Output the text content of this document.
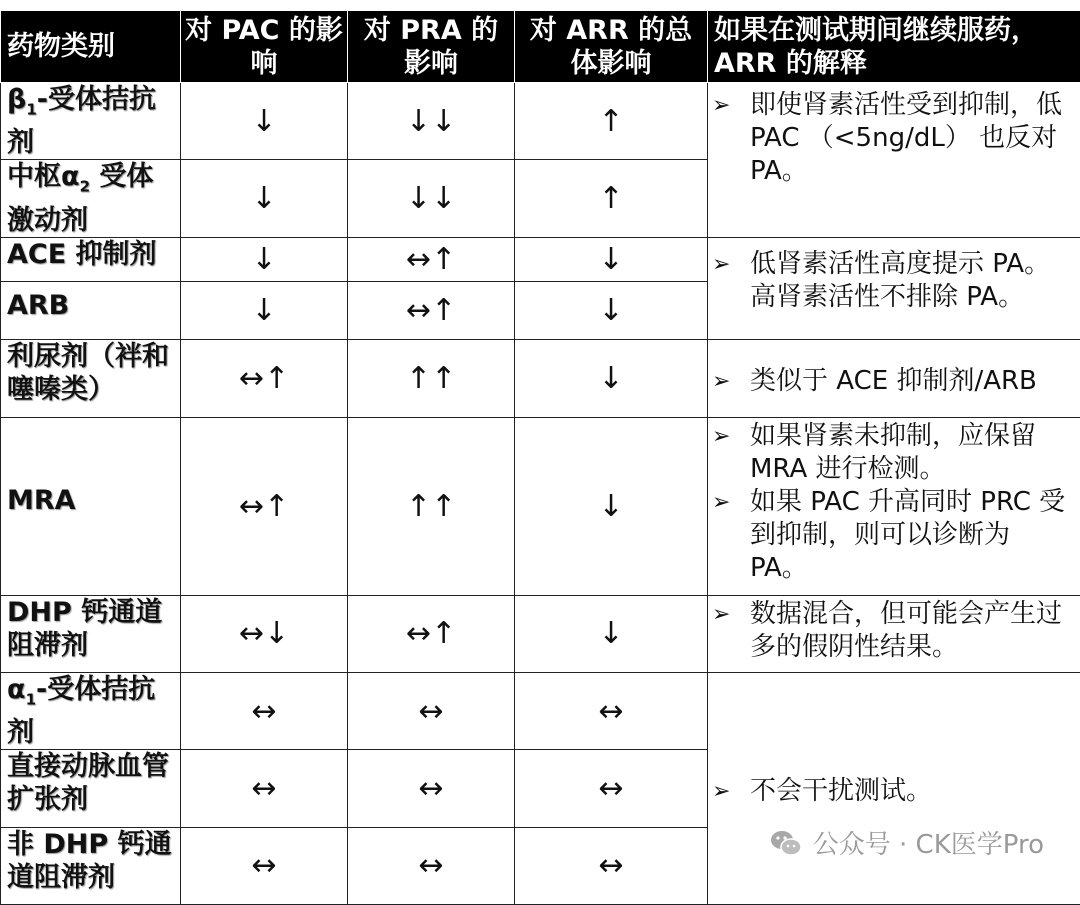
药物类别	对 PAC 的影响	对 PRA 的影响	对 ARR 的总体影响	如果在测试期间继续服药，ARR 的解释
$\beta_1-$受体拮抗剂	↓	↓↓	↑	➢ 即使肾素活性受到抑制，低 PAC （<5ng/dL） 也反对 PA。

中枢$\alpha_2$ 受体激动剂	↓	↓↓	↑	
ACE 抑制剂	↓	↔↑	↓	➢ 低肾素活性高度提示 PA。高肾素活性不排除 PA。

ARB	↓	↔↑	↓	
利尿剂（袢和噻嗪类）	↔↑	↑↑	↓	➢ 类似于 ACE 抑制剂/ARB

MRA	↔↑	↑↑	↓	➢ 如果肾素未抑制，应保留 MRA 进行检测。
➢ 如果 PAC 升高同时 PRC 受到抑制，则可以诊断为 PA。

DHP 钙通道阻滞剂	↔↓	↔↑	↓	➢ 数据混合，但可能会产生过多的假阴性结果。

$\alpha_1-$受体拮抗剂	↔	↔	↔	➢ 不会干扰测试。

直接动脉血管扩张剂	↔	↔	↔	
非 DHP 钙通道阻滞剂	↔	↔	↔	
公众号 · CK医学Pro
